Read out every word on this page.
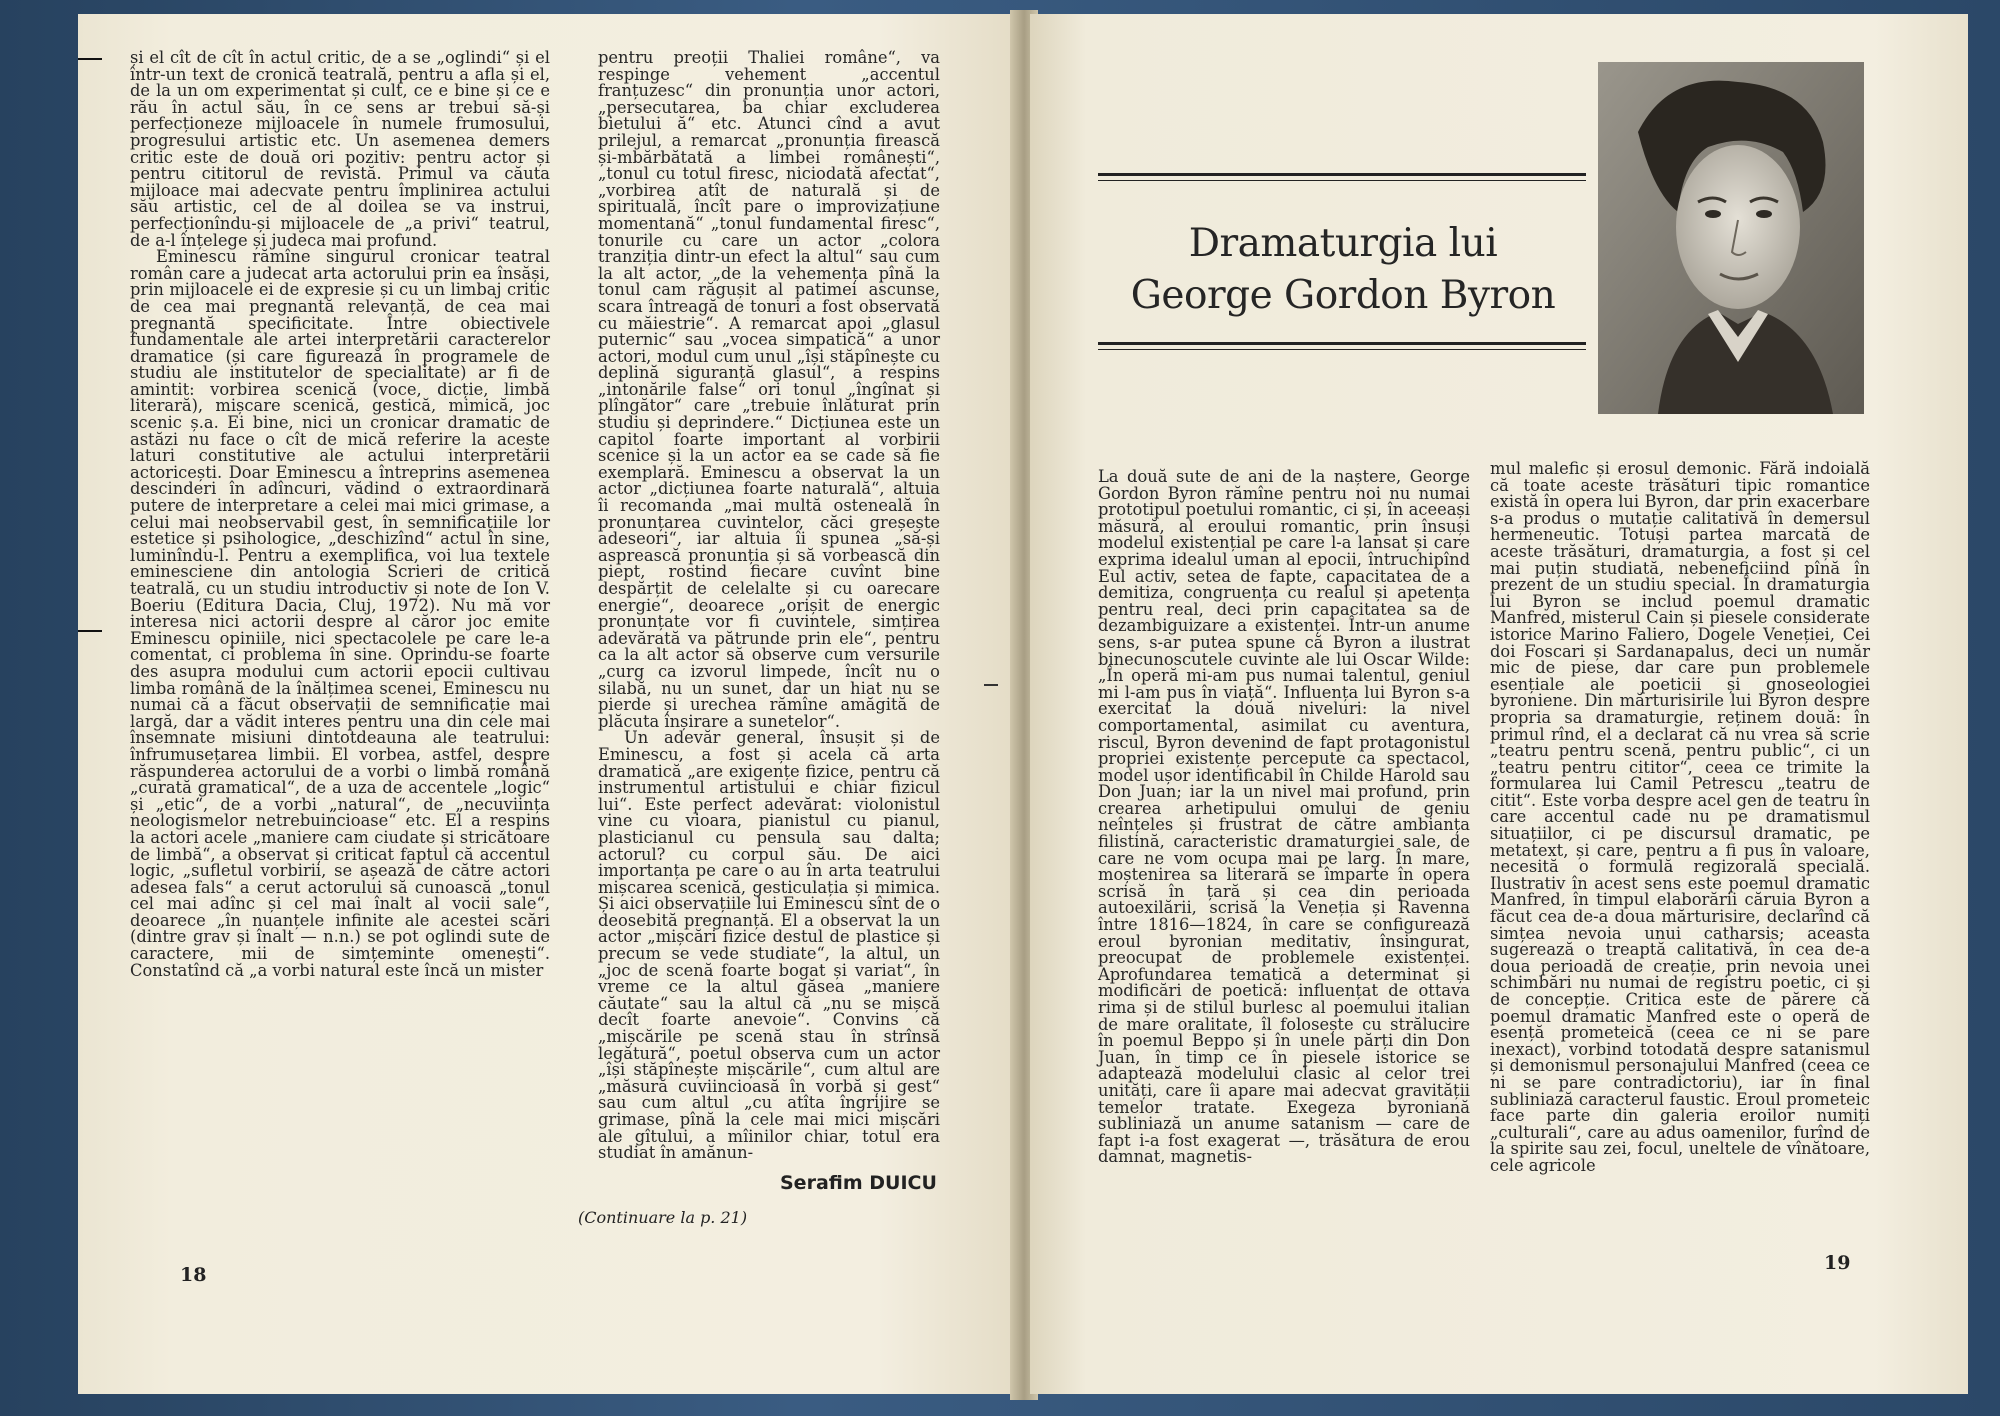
și el cît de cît în actul critic, de a se „oglindi“ și el într-un text de cronică teatrală, pentru a afla și el, de la un om experimentat și cult, ce e bine și ce e rău în actul său, în ce sens ar trebui să-și perfecționeze mijloacele în numele frumosului, progresului artistic etc. Un asemenea demers critic este de două ori pozitiv: pentru actor și pentru cititorul de revistă. Primul va căuta mijloace mai adecvate pentru împlinirea actului său artistic, cel de al doilea se va instrui, perfecționîndu-și mijloacele de „a privi“ teatrul, de a-l înțelege și judeca mai profund.

Eminescu rămîne singurul cronicar teatral român care a judecat arta actorului prin ea însăși, prin mijloacele ei de expresie și cu un limbaj critic de cea mai pregnantă relevanță, de cea mai pregnantă specificitate. Între obiectivele fundamentale ale artei interpretării caracterelor dramatice (și care figurează în programele de studiu ale institutelor de specialitate) ar fi de amintit: vorbirea scenică (voce, dicție, limbă literară), mișcare scenică, gestică, mimică, joc scenic ș.a. Ei bine, nici un cronicar dramatic de astăzi nu face o cît de mică referire la aceste laturi constitutive ale actului interpretării actoricești. Doar Eminescu a întreprins asemenea descinderi în adîncuri, vădind o extraordinară putere de interpretare a celei mai mici grimase, a celui mai neobservabil gest, în semnificațiile lor estetice și psihologice, „deschizînd“ actul în sine, luminîndu-l. Pentru a exemplifica, voi lua textele eminesciene din antologia Scrieri de critică teatrală, cu un studiu introductiv și note de Ion V. Boeriu (Editura Dacia, Cluj, 1972). Nu mă vor interesa nici actorii despre al căror joc emite Eminescu opiniile, nici spectacolele pe care le-a comentat, ci problema în sine. Oprindu-se foarte des asupra modului cum actorii epocii cultivau limba română de la înălțimea scenei, Eminescu nu numai că a făcut observații de semnificație mai largă, dar a vădit interes pentru una din cele mai însemnate misiuni dintotdeauna ale teatrului: înfrumusețarea limbii. El vorbea, astfel, despre răspunderea actorului de a vorbi o limbă română „curată gramatical“, de a uza de accentele „logic“ și „etic“, de a vorbi „natural“, de „necuviința neologismelor netrebuincioase“ etc. El a respins la actori acele „maniere cam ciudate și stricătoare de limbă“, a observat și criticat faptul că accentul logic, „sufletul vorbirii, se așează de către actori adesea fals“ a cerut actorului să cunoască „tonul cel mai adînc și cel mai înalt al vocii sale“, deoarece „în nuanțele infinite ale acestei scări (dintre grav și înalt — n.n.) se pot oglindi sute de caractere, mii de simțeminte omenești“. Constatînd că „a vorbi natural este încă un mister

pentru preoții Thaliei române“, va respinge vehement „accentul franțuzesc“ din pronunția unor actori, „persecutarea, ba chiar excluderea bietului ă“ etc. Atunci cînd a avut prilejul, a remarcat „pronunția firească și-mbărbătată a limbei românești“, „tonul cu totul firesc, niciodată afectat“, „vorbirea atît de naturală și de spirituală, încît pare o improvizațiune momentană“ „tonul fundamental firesc“, tonurile cu care un actor „colora tranziția dintr-un efect la altul“ sau cum la alt actor, „de la vehemența pînă la tonul cam răgușit al patimei ascunse, scara întreagă de tonuri a fost observată cu măiestrie“. A remarcat apoi „glasul puternic“ sau „vocea simpatică“ a unor actori, modul cum unul „își stăpînește cu deplină siguranță glasul“, a respins „intonările false“ ori tonul „îngînat și plîngător“ care „trebuie înlăturat prin studiu și deprindere.“ Dicțiunea este un capitol foarte important al vorbirii scenice și la un actor ea se cade să fie exemplară. Eminescu a observat la un actor „dicțiunea foarte naturală“, altuia îi recomanda „mai multă osteneală în pronunțarea cuvintelor, căci greșește adeseori“, iar altuia îi spunea „să-și asprească pronunția și să vorbească din piept, rostind fiecare cuvînt bine despărțit de celelalte și cu oarecare energie“, deoarece „orișit de energic pronunțate vor fi cuvintele, simțirea adevărată va pătrunde prin ele“, pentru ca la alt actor să observe cum versurile „curg ca izvorul limpede, încît nu o silabă, nu un sunet, dar un hiat nu se pierde și urechea rămîne amăgită de plăcuta înșirare a sunetelor“.

Un adevăr general, însușit și de Eminescu, a fost și acela că arta dramatică „are exigențe fizice, pentru că instrumentul artistului e chiar fizicul lui“. Este perfect adevărat: violonistul vine cu vioara, pianistul cu pianul, plasticianul cu pensula sau dalta; actorul? cu corpul său. De aici importanța pe care o au în arta teatrului mișcarea scenică, gesticulația și mimica. Și aici observațiile lui Eminescu sînt de o deosebită pregnanță. El a observat la un actor „mișcări fizice destul de plastice și precum se vede studiate“, la altul, un „joc de scenă foarte bogat și variat“, în vreme ce la altul găsea „maniere căutate“ sau la altul că „nu se mișcă decît foarte anevoie“. Convins că „mișcările pe scenă stau în strînsă legătură“, poetul observa cum un actor „își stăpînește mișcările“, cum altul are „măsură cuviincioasă în vorbă și gest“ sau cum altul „cu atîta îngrijire se grimase, pînă la cele mai mici mișcări ale gîtului, a mîinilor chiar, totul era studiat în amănun-

Serafim DUICU
(Continuare la p. 21)
18
Dramaturgia lui
George Gordon Byron

La două sute de ani de la naștere, George Gordon Byron rămîne pentru noi nu numai prototipul poetului romantic, ci și, în aceeași măsură, al eroului romantic, prin însuși modelul existențial pe care l-a lansat și care exprima idealul uman al epocii, întruchipînd Eul activ, setea de fapte, capacitatea de a demitiza, congruența cu realul și apetența pentru real, deci prin capacitatea sa de dezambiguizare a existenței. Într-un anume sens, s-ar putea spune că Byron a ilustrat binecunoscutele cuvinte ale lui Oscar Wilde: „În operă mi-am pus numai talentul, geniul mi l-am pus în viață“. Influența lui Byron s-a exercitat la două niveluri: la nivel comportamental, asimilat cu aventura, riscul, Byron devenind de fapt protagonistul propriei existențe percepute ca spectacol, model ușor identificabil în Childe Harold sau Don Juan; iar la un nivel mai profund, prin crearea arhetipului omului de geniu neînțeles și frustrat de către ambianța filistină, caracteristic dramaturgiei sale, de care ne vom ocupa mai pe larg. În mare, moștenirea sa literară se împarte în opera scrisă în țară și cea din perioada autoexilării, scrisă la Veneția și Ravenna între 1816—1824, în care se configurează eroul byronian meditativ, însingurat, preocupat de problemele existenței. Aprofundarea tematică a determinat și modificări de poetică: influențat de ottava rima și de stilul burlesc al poemului italian de mare oralitate, îl folosește cu strălucire în poemul Beppo și în unele părți din Don Juan, în timp ce în piesele istorice se adaptează modelului clasic al celor trei unități, care îi apare mai adecvat gravității temelor tratate. Exegeza byroniană subliniază un anume satanism — care de fapt i-a fost exagerat —, trăsătura de erou damnat, magnetis-

mul malefic și erosul demonic. Fără indoială că toate aceste trăsături tipic romantice există în opera lui Byron, dar prin exacerbare s-a produs o mutație calitativă în demersul hermeneutic. Totuși partea marcată de aceste trăsături, dramaturgia, a fost și cel mai puțin studiată, nebeneficiind pînă în prezent de un studiu special. În dramaturgia lui Byron se includ poemul dramatic Manfred, misterul Cain și piesele considerate istorice Marino Faliero, Dogele Veneției, Cei doi Foscari și Sardanapalus, deci un număr mic de piese, dar care pun problemele esențiale ale poeticii și gnoseologiei byroniene. Din mărturisirile lui Byron despre propria sa dramaturgie, reținem două: în primul rînd, el a declarat că nu vrea să scrie „teatru pentru scenă, pentru public“, ci un „teatru pentru cititor“, ceea ce trimite la formularea lui Camil Petrescu „teatru de citit“. Este vorba despre acel gen de teatru în care accentul cade nu pe dramatismul situațiilor, ci pe discursul dramatic, pe metatext, și care, pentru a fi pus în valoare, necesită o formulă regizorală specială. Ilustrativ în acest sens este poemul dramatic Manfred, în timpul elaborării căruia Byron a făcut cea de-a doua mărturisire, declarînd că simțea nevoia unui catharsis; aceasta sugerează o treaptă calitativă, în cea de-a doua perioadă de creație, prin nevoia unei schimbări nu numai de registru poetic, ci și de concepție. Critica este de părere că poemul dramatic Manfred este o operă de esență prometeică (ceea ce ni se pare inexact), vorbind totodată despre satanismul și demonismul personajului Manfred (ceea ce ni se pare contradictoriu), iar în final subliniază caracterul faustic. Eroul prometeic face parte din galeria eroilor numiți „culturali“, care au adus oamenilor, furînd de la spirite sau zei, focul, uneltele de vînătoare, cele agricole

19
